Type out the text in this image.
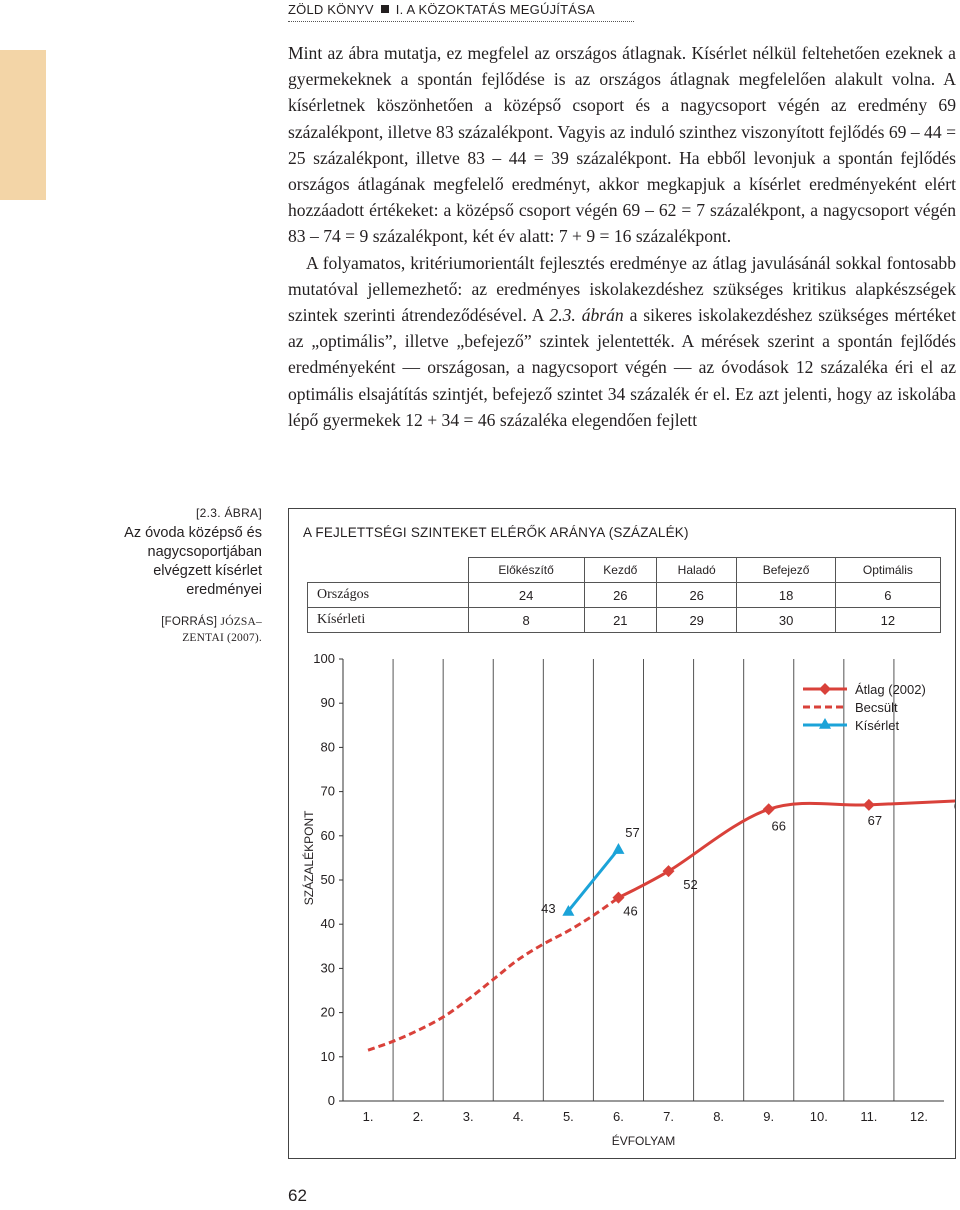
ZÖLD KÖNYV I. A KÖZOKTATÁS MEGÚJÍTÁSA

Mint az ábra mutatja, ez megfelel az országos átlagnak. Kísérlet nélkül feltehetően ezeknek a gyermekeknek a spontán fejlődése is az országos átlagnak megfelelően alakult volna. A kísérletnek köszönhetően a középső csoport és a nagycsoport végén az eredmény 69 százalékpont, illetve 83 százalékpont. Vagyis az induló szinthez viszonyított fejlődés 69 – 44 = 25 százalékpont, illetve 83 – 44 = 39 százalékpont. Ha ebből levonjuk a spontán fejlődés országos átlagának megfelelő eredményt, akkor megkapjuk a kísérlet eredményeként elért hozzáadott értékeket: a középső csoport végén 69 – 62 = 7 százalékpont, a nagycsoport végén 83 – 74 = 9 százalékpont, két év alatt: 7 + 9 = 16 százalékpont.

A folyamatos, kritériumorientált fejlesztés eredménye az átlag javulásánál sokkal fontosabb mutatóval jellemezhető: az eredményes iskolakezdéshez szükséges kritikus alapkészségek szintek szerinti átrendeződésével. A 2.3. ábrán a sikeres iskolakezdéshez szükséges mértéket az „optimális”, illetve „befejező” szintek jelentették. A mérések szerint a spontán fejlődés eredményeként — országosan, a nagycsoport végén — az óvodások 12 százaléka éri el az optimális elsajátítás szintjét, befejező szintet 34 százalék ér el. Ez azt jelenti, hogy az iskolába lépő gyermekek 12 + 34 = 46 százaléka elegendően fejlett

[2.3. ÁBRA]
Az óvoda középső és nagycsoportjában elvégzett kísérlet eredményei
[FORRÁS] JÓZSA–ZENTAI (2007).
A FEJLETTSÉGI SZINTEKET ELÉRŐK ARÁNYA (SZÁZALÉK)
	Előkészítő	Kezdő	Haladó	Befejező	Optimális
Országos	24	26	26	18	6
Kísérleti	8	21	29	30	12
0
10
20
30
40
50
60
70
80
90
100
1.	2.	3.	4.	5.	6.	7.	8.	9.	10. 11. 12.
ÉVFOLYAM
SZÁZALÉKPONT
46
52
66	67
43
57
Átlag (2002)
Becsült
Kísérlet
62
